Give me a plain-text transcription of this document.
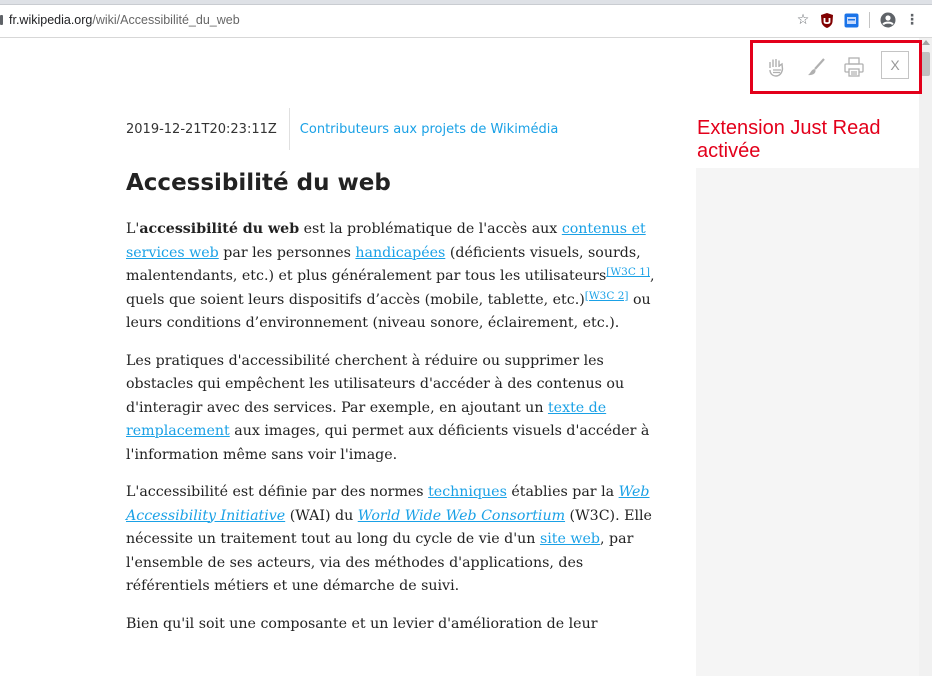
fr.wikipedia.org/wiki/Accessibilité_du_web	☆	⋮
X
Extension Just Read
activée
2019-12-21T20:23:11Z	Contributeurs aux projets de Wikimédia
Accessibilité du web

L'accessibilité du web est la problématique de l'accès aux contenus et services web par les personnes handicapées (déficients visuels, sourds, malentendants, etc.) et plus généralement par tous les utilisateurs[W3C 1], quels que soient leurs dispositifs d’accès (mobile, tablette, etc.)[W3C 2] ou leurs conditions d’environnement (niveau sonore, éclairement, etc.).

Les pratiques d'accessibilité cherchent à réduire ou supprimer les obstacles qui empêchent les utilisateurs d'accéder à des contenus ou d'interagir avec des services. Par exemple, en ajoutant un texte de remplacement aux images, qui permet aux déficients visuels d'accéder à l'information même sans voir l'image.

L'accessibilité est définie par des normes techniques établies par la Web Accessibility Initiative (WAI) du World Wide Web Consortium (W3C). Elle nécessite un traitement tout au long du cycle de vie d'un site web, par l'ensemble de ses acteurs, via des méthodes d'applications, des référentiels métiers et une démarche de suivi.

Bien qu'il soit une composante et un levier d'amélioration de leur
